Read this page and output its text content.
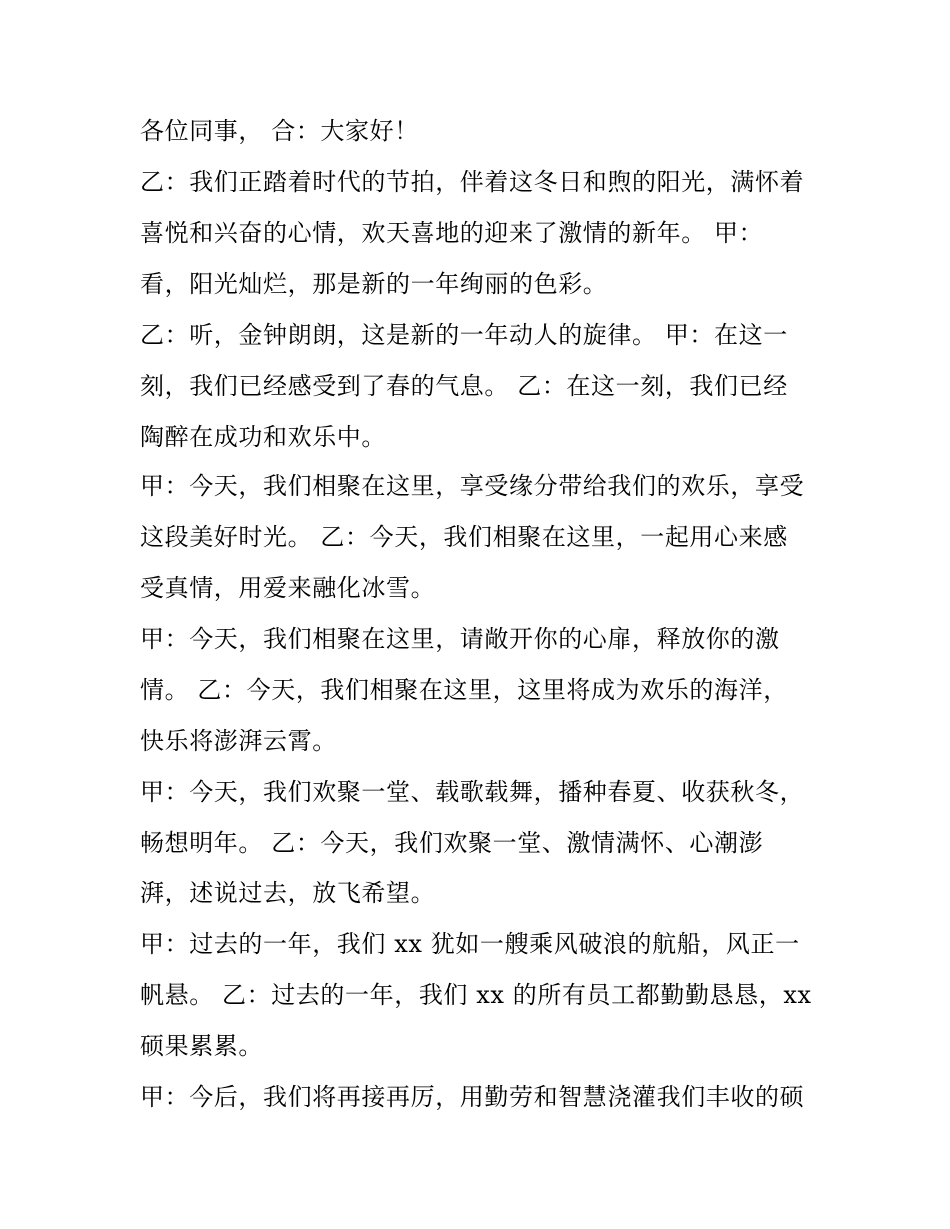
各位同事， 合：大家好！
乙：我们正踏着时代的节拍，伴着这冬日和煦的阳光，满怀着
喜悦和兴奋的心情，欢天喜地的迎来了激情的新年。 甲：
看，阳光灿烂，那是新的一年绚丽的色彩。
乙：听，金钟朗朗，这是新的一年动人的旋律。 甲：在这一
刻，我们已经感受到了春的气息。 乙：在这一刻，我们已经
陶醉在成功和欢乐中。
甲：今天，我们相聚在这里，享受缘分带给我们的欢乐，享受
这段美好时光。 乙：今天，我们相聚在这里，一起用心来感
受真情，用爱来融化冰雪。
甲：今天，我们相聚在这里，请敞开你的心扉，释放你的激
情。 乙：今天，我们相聚在这里，这里将成为欢乐的海洋，
快乐将澎湃云霄。
甲：今天，我们欢聚一堂、载歌载舞，播种春夏、收获秋冬，
畅想明年。 乙：今天，我们欢聚一堂、激情满怀、心潮澎
湃，述说过去，放飞希望。
甲：过去的一年，我们 xx 犹如一艘乘风破浪的航船，风正一
帆悬。 乙：过去的一年，我们 xx 的所有员工都勤勤恳恳，xx
硕果累累。
甲：今后，我们将再接再厉，用勤劳和智慧浇灌我们丰收的硕
